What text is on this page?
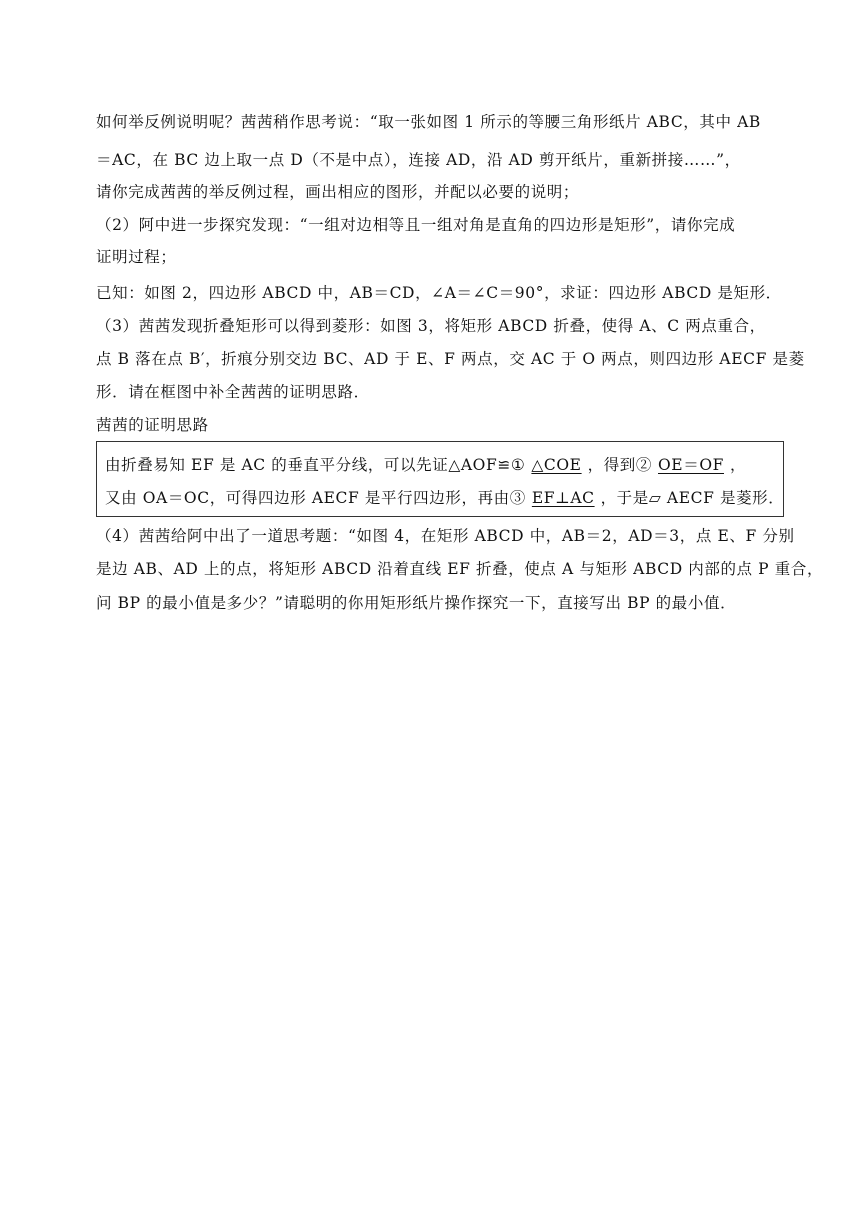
如何举反例说明呢？茜茜稍作思考说：“取一张如图 1 所示的等腰三角形纸片 ABC，其中 AB
＝AC，在 BC 边上取一点 D（不是中点），连接 AD，沿 AD 剪开纸片，重新拼接……”，
请你完成茜茜的举反例过程，画出相应的图形，并配以必要的说明；
（2）阿中进一步探究发现：“一组对边相等且一组对角是直角的四边形是矩形”，请你完成
证明过程；
已知：如图 2，四边形 ABCD 中，AB＝CD，∠A＝∠C＝90°，求证：四边形 ABCD 是矩形．
（3）茜茜发现折叠矩形可以得到菱形：如图 3，将矩形 ABCD 折叠，使得 A、C 两点重合，
点 B 落在点 B′，折痕分别交边 BC、AD 于 E、F 两点，交 AC 于 O 两点，则四边形 AECF 是菱
形．请在框图中补全茜茜的证明思路．
茜茜的证明思路
由折叠易知 EF 是 AC 的垂直平分线，可以先证△AOF≌① △COE ，得到② OE＝OF ，
又由 OA＝OC，可得四边形 AECF 是平行四边形，再由③ EF⊥AC ，于是▱ AECF 是菱形．
（4）茜茜给阿中出了一道思考题：“如图 4，在矩形 ABCD 中，AB＝2，AD＝3，点 E、F 分别
是边 AB、AD 上的点，将矩形 ABCD 沿着直线 EF 折叠，使点 A 与矩形 ABCD 内部的点 P 重合，
问 BP 的最小值是多少？”请聪明的你用矩形纸片操作探究一下，直接写出 BP 的最小值．
